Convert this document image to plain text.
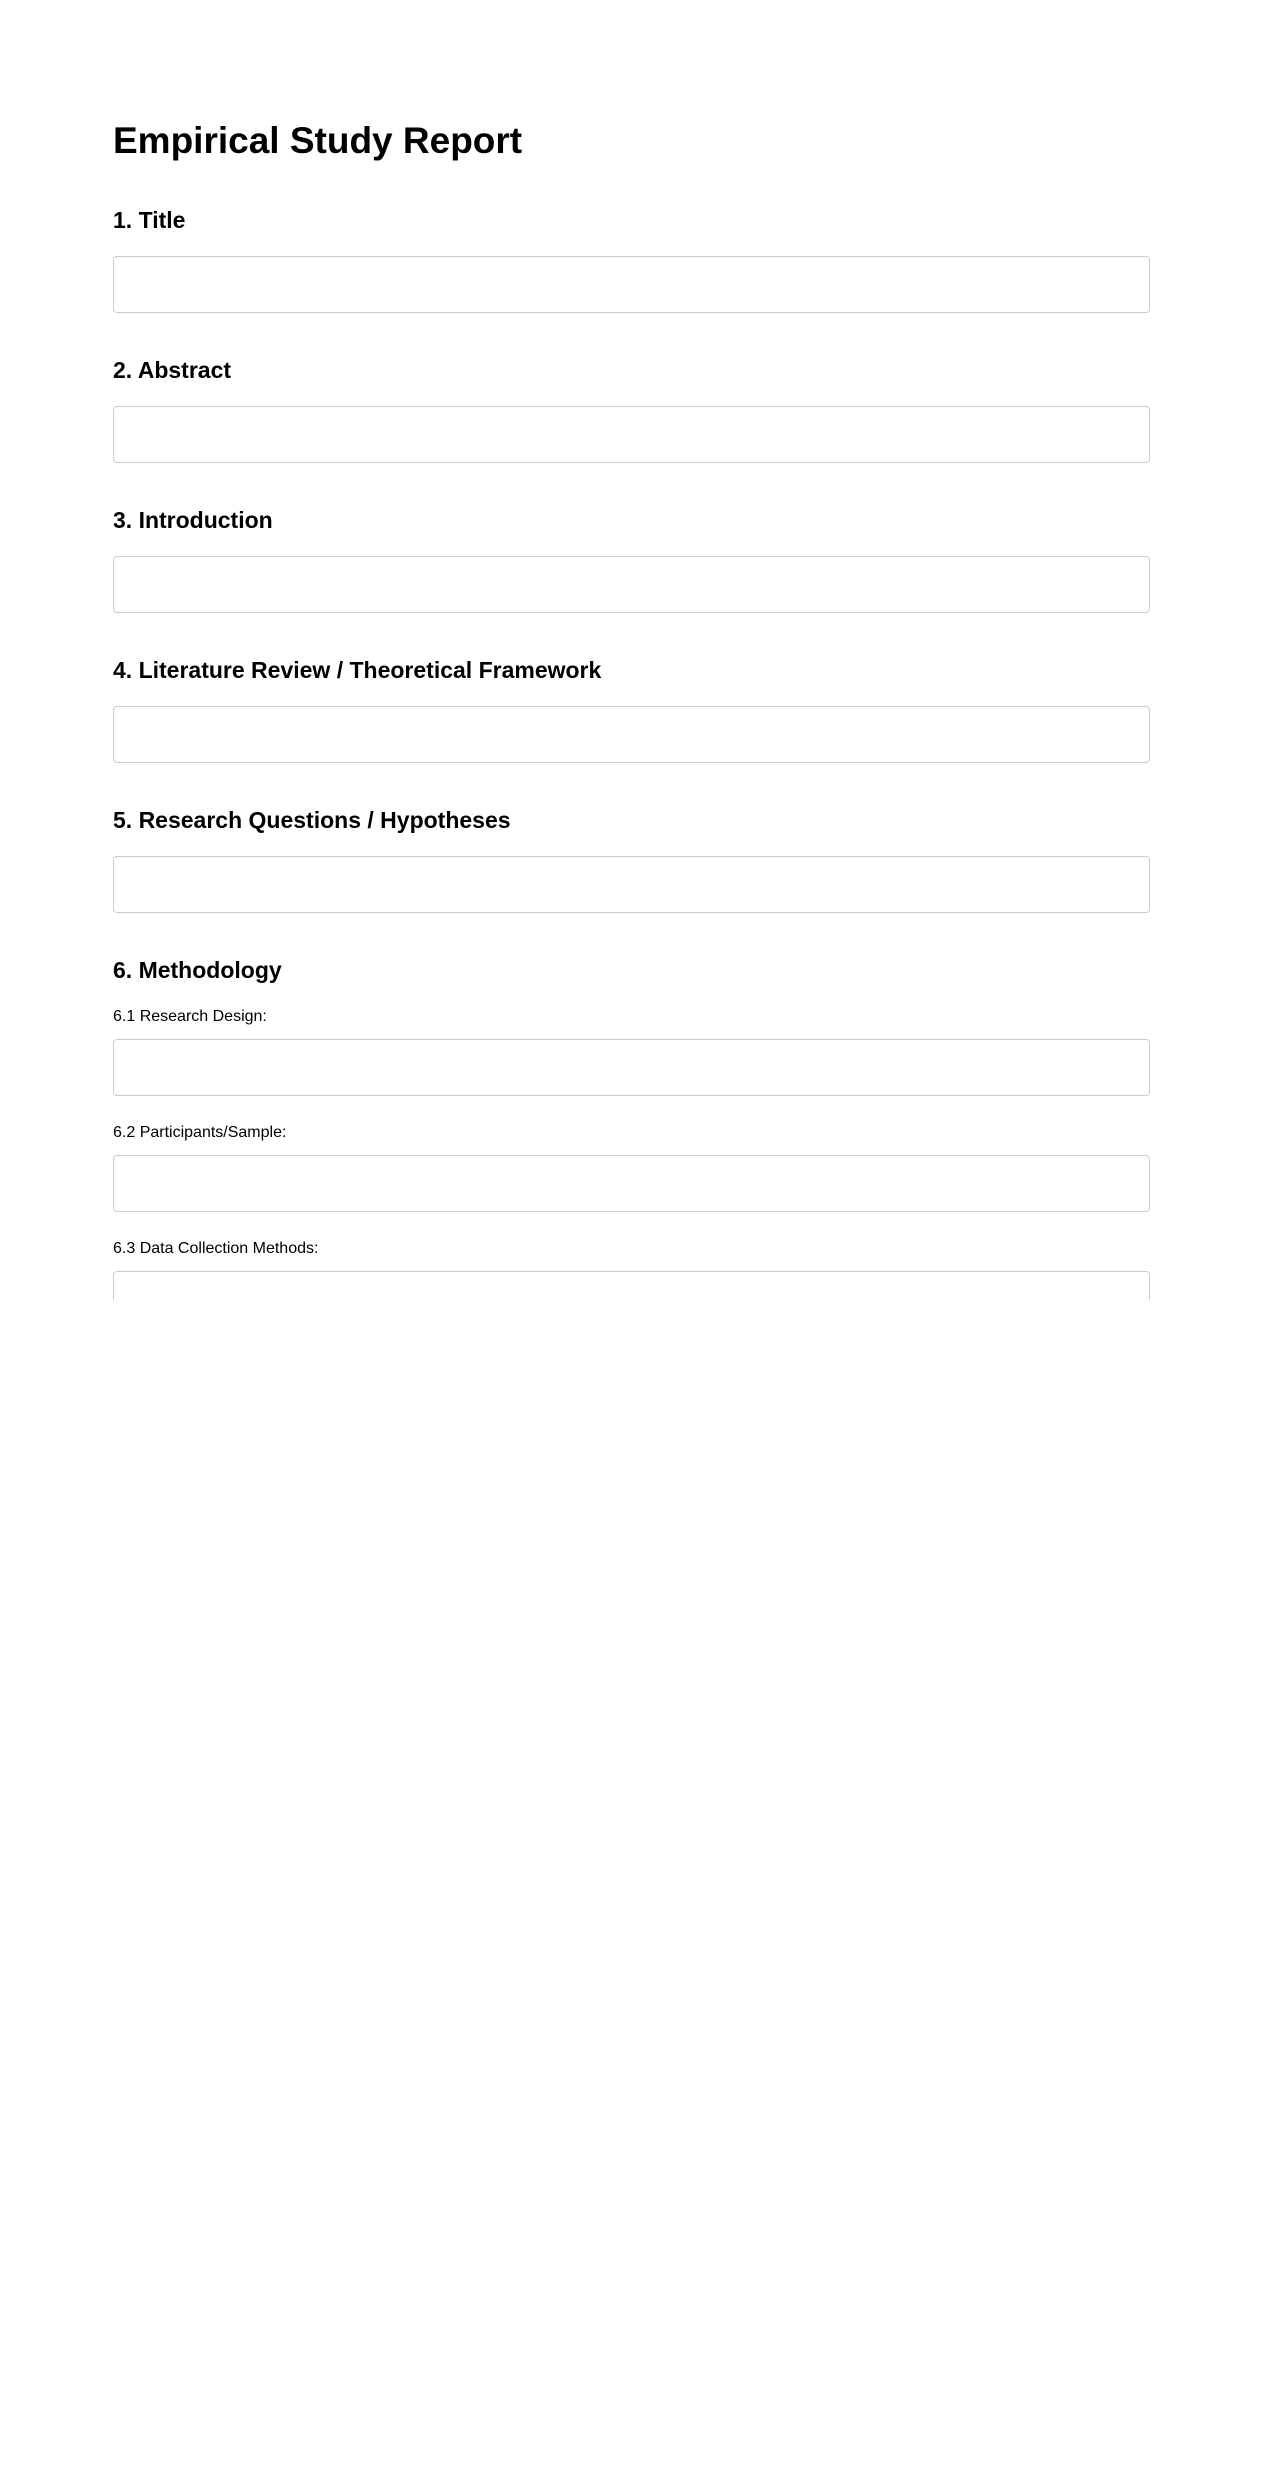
Empirical Study Report
1. Title
2. Abstract
3. Introduction
4. Literature Review / Theoretical Framework
5. Research Questions / Hypotheses
6. Methodology
6.1 Research Design:
6.2 Participants/Sample:
6.3 Data Collection Methods:
